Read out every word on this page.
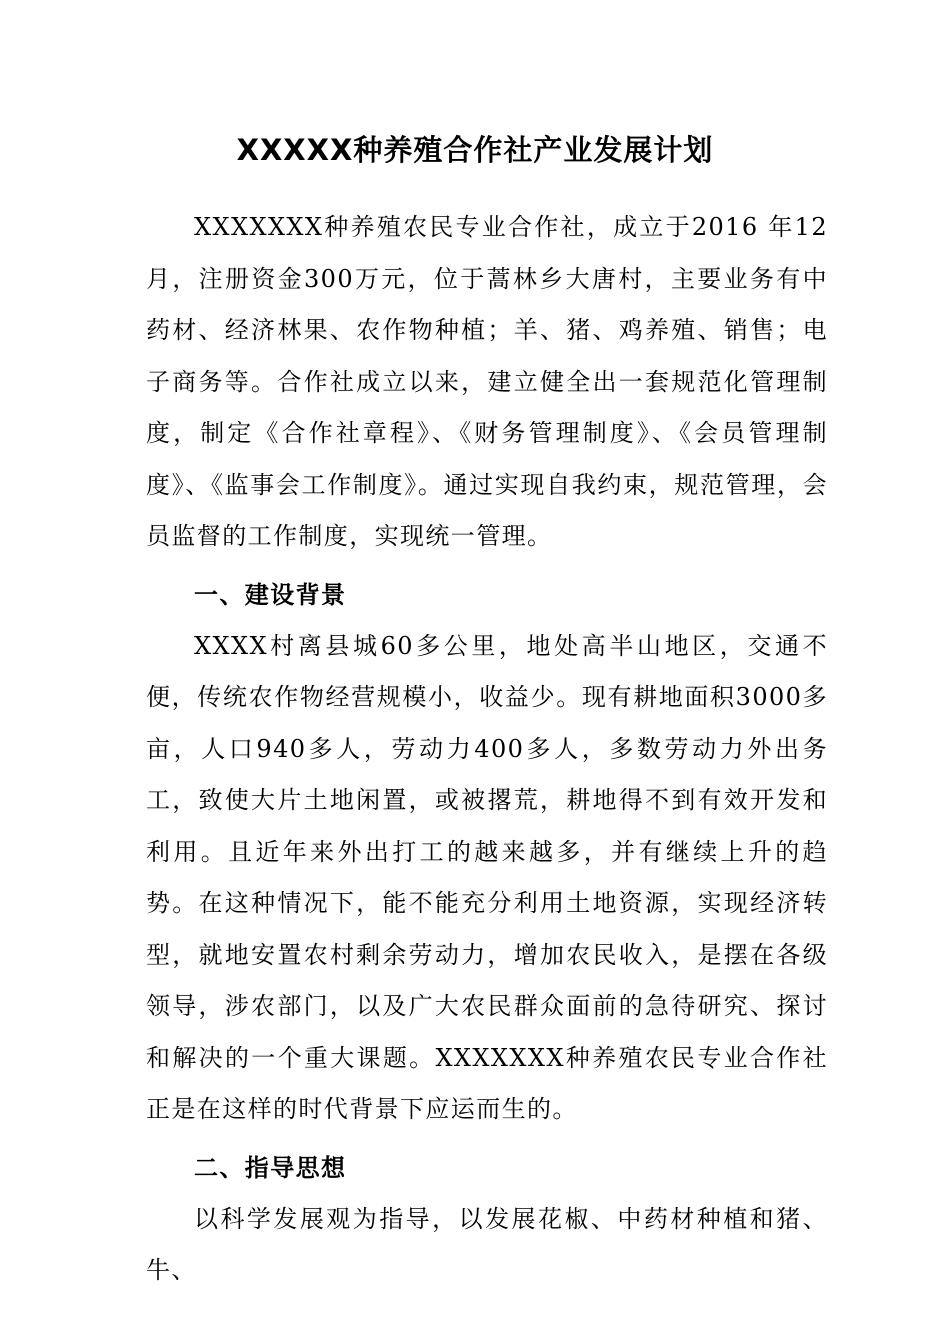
XXXXX种养殖合作社产业发展计划

XXXXXXX种养殖农民专业合作社，成立于2016 年12月，注册资金300万元，位于蒿林乡大唐村，主要业务有中药材、经济林果、农作物种植；羊、猪、鸡养殖、销售；电子商务等。合作社成立以来，建立健全出一套规范化管理制度，制定《合作社章程》、《财务管理制度》、《会员管理制度》、《监事会工作制度》。通过实现自我约束，规范管理，会员监督的工作制度，实现统一管理。

一、建设背景

XXXX村离县城60多公里，地处高半山地区，交通不便，传统农作物经营规模小，收益少。现有耕地面积3000多亩，人口940多人，劳动力400多人，多数劳动力外出务工，致使大片土地闲置，或被撂荒，耕地得不到有效开发和利用。且近年来外出打工的越来越多，并有继续上升的趋势。在这种情况下，能不能充分利用土地资源，实现经济转型，就地安置农村剩余劳动力，增加农民收入，是摆在各级领导，涉农部门，以及广大农民群众面前的急待研究、探讨和解决的一个重大课题。XXXXXXX种养殖农民专业合作社正是在这样的时代背景下应运而生的。

二、指导思想

以科学发展观为指导，以发展花椒、中药材种植和猪、牛、
